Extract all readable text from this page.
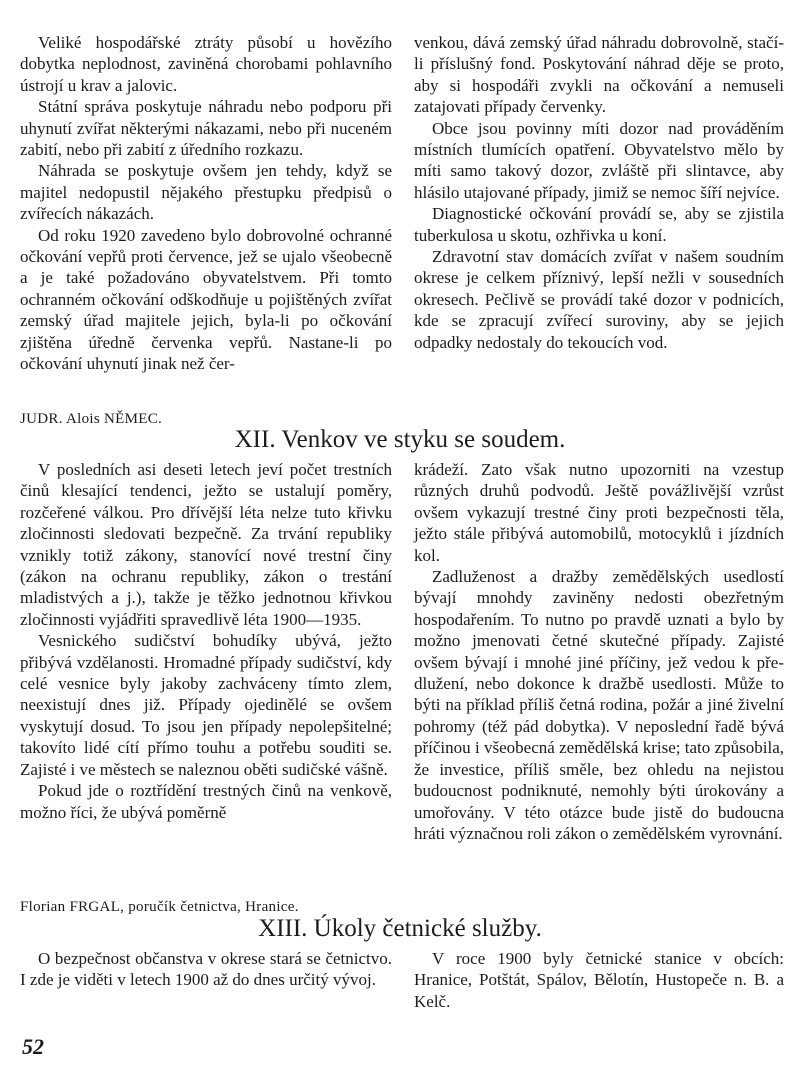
Veliké hospodářské ztráty působí u hovězího dobytka neplodnost, zaviněná chorobami pohlavního ústrojí u krav a jalovic.

Státní správa poskytuje náhradu nebo podporu při uhynutí zvířat některými nákazami, nebo při nuceném zabití, nebo při zabití z úředního rozkazu.

Náhrada se poskytuje ovšem jen tehdy, když se majitel nedopustil nějakého přestupku předpisů o zvířecích nákazách.

Od roku 1920 zavedeno bylo dobrovolné ochranné očkování vepřů proti července, jež se ujalo všeobecně a je také požadováno obyvatelstvem. Při tomto ochranném očkování odškodňuje u pojištěných zvířat zemský úřad majitele jejich, byla-li po očkování zjištěna úředně červenka vepřů. Nastane-li po očkování uhynutí jinak než čer-

venkou, dává zemský úřad náhradu dobrovolně, stačí-li příslušný fond. Poskytování náhrad děje se proto, aby si hospodáři zvykli na očkování a nemuseli zatajovati případy červenky.

Obce jsou povinny míti dozor nad prováděním místních tlumících opatření. Obyvatelstvo mělo by míti samo takový dozor, zvláště při slintavce, aby hlásilo utajované případy, jimiž se nemoc šíří nejvíce.

Diagnostické očkování provádí se, aby se zjistila tuberkulosa u skotu, ozhřivka u koní.

Zdravotní stav domácích zvířat v našem soudním okrese je celkem příznivý, lepší nežli v sousedních okresech. Pečlivě se provádí také dozor v podnicích, kde se zpracují zvířecí suroviny, aby se jejich odpadky nedostaly do tekoucích vod.

JUDR. Alois NĚMEC.
XII. Venkov ve styku se soudem.

V posledních asi deseti letech jeví počet trestních činů klesající tendenci, ježto se ustalují poměry, rozčeřené válkou. Pro dřívější léta nelze tuto křivku zločinnosti sledovati bezpečně. Za trvání republiky vznikly totiž zákony, stanovící nové trestní činy (zákon na ochranu republiky, zákon o trestání mladistvých a j.), takže je těžko jednotnou křivkou zločinnosti vyjádřiti spravedlivě léta 1900—1935.

Vesnického sudičství bohudíky ubývá, ježto přibývá vzdělanosti. Hromadné případy sudičství, kdy celé vesnice byly jakoby zachváceny tímto zlem, neexistují dnes již. Případy ojedinělé se ovšem vyskytují dosud. To jsou jen případy nepolepšitelné; takovíto lidé cítí přímo touhu a potřebu souditi se. Zajisté i ve městech se naleznou oběti sudičské vášně.

Pokud jde o roztřídění trestných činů na venkově, možno říci, že ubývá poměrně

krádeží. Zato však nutno upozorniti na vzestup různých druhů podvodů. Ještě povážlivější vzrůst ovšem vykazují trestné činy proti bezpečnosti těla, ježto stále přibývá automobilů, motocyklů i jízdních kol.

Zadluženost a dražby zemědělských usedlostí bývají mnohdy zaviněny nedosti obezřetným hospodařením. To nutno po pravdě uznati a bylo by možno jmenovati četné skutečné případy. Zajisté ovšem bývají i mnohé jiné příčiny, jež vedou k předlužení, nebo dokonce k dražbě usedlosti. Může to býti na příklad příliš četná rodina, požár a jiné živelní pohromy (též pád dobytka). V neposlední řadě bývá příčinou i všeobecná zemědělská krise; tato způsobila, že investice, příliš směle, bez ohledu na nejistou budoucnost podniknuté, nemohly býti úrokovány a umořovány. V této otázce bude jistě do budoucna hráti význačnou roli zákon o zemědělském vyrovnání.

Florian FRGAL, poručík četnictva, Hranice.
XIII. Úkoly četnické služby.

O bezpečnost občanstva v okrese stará se četnictvo. I zde je viděti v letech 1900 až do dnes určitý vývoj.

V roce 1900 byly četnické stanice v obcích: Hranice, Potštát, Spálov, Bělotín, Hustopeče n. B. a Kelč.

52
